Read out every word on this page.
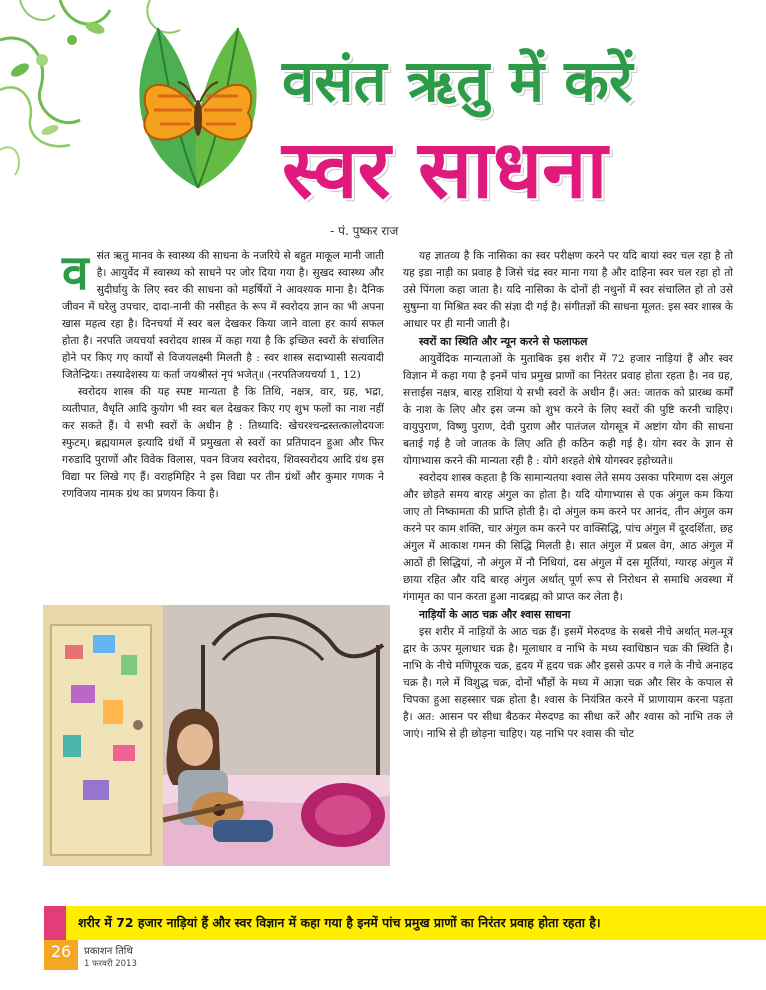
वसंत ऋतु में करें
स्वर साधना
- पं. पुष्कर राज

वसंत ऋतु मानव के स्वास्थ्य की साधना के नजरिये से बहुत माकूल मानी जाती है। आयुर्वेद में स्वास्थ्य को साधने पर जोर दिया गया है। सुखद स्वास्थ्य और सुदीर्घायु के लिए स्वर की साधना को महर्षियों ने आवश्यक माना है। दैनिक जीवन में घरेलु उपचार, दादा-नानी की नसीहत के रूप में स्वरोदय ज्ञान का भी अपना खास महत्व रहा है। दिनचर्या में स्वर बल देखकर किया जाने वाला हर कार्य सफल होता है। नरपति जयचर्या स्वरोदय शास्त्र में कहा गया है कि इच्छित स्वरों के संचालित होने पर किए गए कार्यों से विजयलक्ष्मी मिलती है : स्वर शास्त्र सदाभ्यासी सत्यवादी जितेन्द्रियः। तस्यादेशस्य यः कर्ता जयश्रीस्तं नृपं भजेत्॥ (नरपतिजयचर्या 1, 12)

स्वरोदय शास्त्र की यह स्पष्ट मान्यता है कि तिथि, नक्षत्र, वार, ग्रह, भद्रा, व्यतीपात, वैधृति आदि कुयोग भी स्वर बल देखकर किए गए शुभ फलों का नाश नहीं कर सकते हैं। ये सभी स्वरों के अधीन है : तिथ्यादि: खेचरश्चन्द्रस्तत्कालोदयजः स्फुटम्। ब्रह्मयामल इत्यादि ग्रंथों में प्रमुखता से स्वरों का प्रतिपादन हुआ और फिर गरुडादि पुराणों और विवेक विलास, पवन विजय स्वरोदय, शिवस्वरोदय आदि ग्रंथ इस विद्या पर लिखे गए हैं। वराहमिहिर ने इस विद्या पर तीन ग्रंथों और कुमार गणक ने रणविजय नामक ग्रंथ का प्रणयन किया है।

यह ज्ञातव्य है कि नासिका का स्वर परीक्षण करने पर यदि बायां स्वर चल रहा है तो यह इडा नाड़ी का प्रवाह है जिसे चंद्र स्वर माना गया है और दाहिना स्वर चल रहा हो तो उसे पिंगला कहा जाता है। यदि नासिका के दोनों ही नथुनों में स्वर संचालित हो तो उसे सुषुम्ना या मिश्रित स्वर की संज्ञा दी गई है। संगीतज्ञों की साधना मूलत: इस स्वर शास्त्र के आधार पर ही मानी जाती है।

स्वरों का स्थिति और न्यून करने से फलाफल

आयुर्वेदिक मान्यताओं के मुताबिक इस शरीर में 72 हजार नाड़ियां हैं और स्वर विज्ञान में कहा गया है इनमें पांच प्रमुख प्राणों का निरंतर प्रवाह होता रहता है। नव ग्रह, सत्ताईस नक्षत्र, बारह राशियां ये सभी स्वरों के अधीन हैं। अत: जातक को प्रारब्ध कर्मों के नाश के लिए और इस जन्म को शुभ करने के लिए स्वरों की पुष्टि करनी चाहिए। वायुपुराण, विष्णु पुराण, देवी पुराण और पातंजल योगसूत्र में अष्टांग योग की साधना बताई गई है जो जातक के लिए अति ही कठिन कही गई है। योग स्वर के ज्ञान से योगाभ्यास करने की मान्यता रही है : योगे शरहते शेषे योगस्वर इहोच्यते॥

स्वरोदय शास्त्र कहता है कि सामान्यतया श्वास लेते समय उसका परिमाण दस अंगुल और छोड़ते समय बारह अंगुल का होता है। यदि योगाभ्यास से एक अंगुल कम किया जाए तो निष्कामता की प्राप्ति होती है। दो अंगुल कम करने पर आनंद, तीन अंगुल कम करने पर काम शक्ति, चार अंगुल कम करने पर वाक्सिद्धि, पांच अंगुल में दूरदर्शिता, छह अंगुल में आकाश गमन की सिद्धि मिलती है। सात अंगुल में प्रबल वेग, आठ अंगुल में आठों ही सिद्धियां, नौ अंगुल में नौ निधियां, दस अंगुल में दस मूर्तियां, ग्यारह अंगुल में छाया रहित और यदि बारह अंगुल अर्थात् पूर्ण रूप से निरोधन से समाधि अवस्था में गंगामृत का पान करता हुआ नादब्रह्म को प्राप्त कर लेता है।

नाड़ियों के आठ चक्र और श्वास साधना

इस शरीर में नाड़ियों के आठ चक्र हैं। इसमें मेरुदण्ड के सबसे नीचे अर्थात् मल-मूत्र द्वार के ऊपर मूलाधार चक्र है। मूलाधार व नाभि के मध्य स्वाधिष्ठान चक्र की स्थिति है। नाभि के नीचे मणिपूरक चक्र, हृदय में हृदय चक्र और इससे ऊपर व गले के नीचे अनाहद चक्र है। गले में विशुद्ध चक्र, दोनों भौंहों के मध्य में आज्ञा चक्र और सिर के कपाल से चिपका हुआ सहस्सार चक्र होता है। श्वास के नियंत्रित करने में प्राणायाम करना पड़ता है। अत: आसन पर सीधा बैठकर मेरुदण्ड का सीधा करें और श्वास को नाभि तक ले जाएं। नाभि से ही छोड़ना चाहिए। यह नाभि पर श्वास की चोट

शरीर में 72 हजार नाड़ियां हैं और स्वर विज्ञान में कहा गया है इनमें पांच प्रमुख प्राणों का निरंतर प्रवाह होता रहता है।
26	प्रकाशन तिथि
1 फरवरी 2013
